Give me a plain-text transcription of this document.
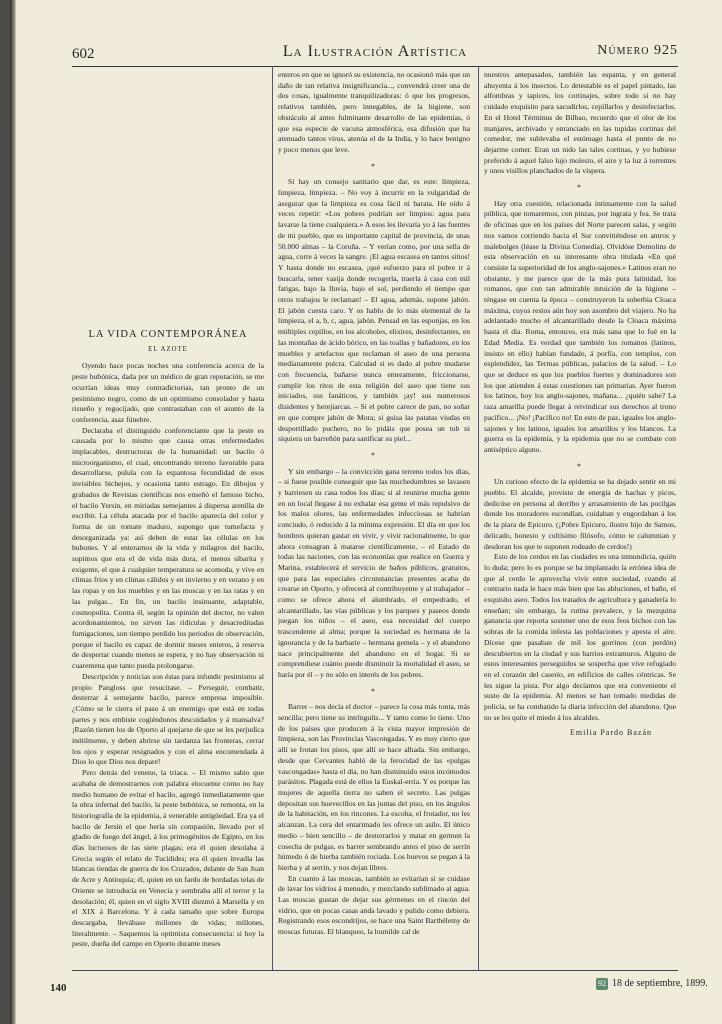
602	La Ilustración Artística	Número 925
LA VIDA CONTEMPORÁNEA
EL AZOTE

Oyendo hace pocas noches una conferencia acerca de la peste bubónica, dada por un médico de gran reputación, se me ocurrían ideas muy contradictorias, tan pronto de un pesimismo negro, como de un optimismo consolador y hasta risueño y regocijado, que contrastaban con el asunto de la conferencia, asaz fúnebre.

Declaraba el distinguido conferenciante que la peste es causada por lo mismo que causa otras enfermedades implacables, destructoras de la humanidad: un bacilo ó microorganismo, el cual, encontrando terreno favorable para desarrollarse, pulula con la espantosa fecundidad de esos invisibles bichejos, y ocasiona tanto estrago. En dibujos y grabados de Revistas científicas nos enseñó el famoso bicho, el bacilo Yersin, en miriadas semejantes á dispersa arenilla de escribir. La célula atacada por el bacilo aparecía del color y forma de un tomate maduro, supongo que tumefacta y desorganizada ya: así deben de estar las células en los bubones. Y al enterarnos de la vida y milagros del bacilo, supimos que era el de vida más dura, el menos sibarita y exigente, el que á cualquier temperatura se acomoda, y vive en climas fríos y en climas cálidos y en invierno y en verano y en las ropas y en los muebles y en las moscas y en las ratas y en las pulgas... En fin, un bacilo insinuante, adaptable, cosmopolita. Contra él, según la opinión del doctor, no valen acordonamientos, no sirven las ridículas y desacreditadas fumigaciones, son tiempo perdido los periodos de observación, porque el bacilo es capaz de dormir meses enteros, á reserva de despertar cuando menos se espera, y no hay observación ni cuarentena que tanto pueda prolongarse.

Descripción y noticias son éstas para infundir pesimismo al propio Pangloss que resucitase. – Perseguir, combatir, desterrar á semejante bacilo, parece empresa imposible. ¿Cómo se le cierra el paso á un enemigo que está en todas partes y nos embiste cogiéndonos descuidados y á mansalva? ¡Razón tienen los de Oporto al quejarse de que se les perjudica inútilmente, y deben abrirse sin tardanza las fronteras, cerrar los ojos y esperar resignados y con el alma encomendada á Dios lo que Dios nos depare!

Pero detrás del veneno, la triaca. – El mismo sabio que acababa de demostrarnos con palabra elocuente como no hay medio humano de evitar el bacilo, agregó inmediatamente que la obra infernal del bacilo, la peste bubónica, se remonta, en la historiografía de la epidemia, á venerable antigüedad. Era ya el bacilo de Jersín el que hería sin compasión, llevado por el gladio de fuego del ángel, á los primogénitos de Egipto, en los días luctuosos de las siete plagas; era él quien desolaba á Grecia según el relato de Tucídides; era él quien invadía las blancas tiendas de guerra de los Cruzados, delante de San Juan de Acre y Antioquía; él, quien en un fardo de bordadas telas de Oriente se introducía en Venecia y sembraba allí el terror y la desolación; él, quien en el siglo XVIII diezmó á Marsella y en el XIX á Barcelona. Y á cada tamaño que sobre Europa descargaba, llevábase millones de vidas; millones, literalmente. – Saquemos la optimista consecuencia: si hoy la peste, dueña del campo en Oporto durante meses

enteros en que se ignoró su existencia, no ocasionó más que un daño de tan relativa insignificancia..., convendrá creer una de dos cosas, igualmente tranquilizadoras: ó que los progresos, relativos también, pero innegables, de la higiene, son obstáculo al antes fulminante desarrollo de las epidemias, ó que esa especie de vacuna atmosférica, esa difusión que ha atenuado tantos virus, atenúa el de la India, y lo hace benigno y poco menos que leve.

*

Si hay un consejo sanitario que dar, es este: limpieza, limpieza, limpieza. – No voy á incurrir en la vulgaridad de asegurar que la limpieza es cosa fácil ni barata. He oído á veces repetir: «Los pobres podrían ser limpios: agua para lavarse la tiene cualquiera.» A esos les llevaría yo á las fuentes de mi pueblo, que es importante capital de provincia, de unas 50.000 almas – la Coruña. – Y verían como, por una sella de agua, corre á veces la sangre. ¡El agua escasea en tantos sitios! Y hasta donde no escasea, ¡qué esfuerzo para el pobre ir á buscarla, tener vasija donde recogerla, traerla á casa con mil fatigas, bajo la lluvia, bajo el sol, perdiendo el tiempo que otros trabajos le reclaman! – El agua, además, supone jabón. El jabón cuesta caro. Y os hablo de lo más elemental de la limpieza, el a, b, c, agua, jabón. Pensad en las esponjas, en los múltiples cepillos, en los alcoholes, elixires, desinfectantes, en las montañas de ácido bórico, en las toallas y bañadores, en los muebles y artefactos que reclaman el aseo de una persona medianamente pulcra. Calculad si es dado al pobre mudarse con frecuencia, bañarse nunca enteramente, friccionarse, cumplir los ritos de esta religión del aseo que tiene sus iniciados, sus fanáticos, y también ¡ay! sus numerosos disidentes y herejiarcas. – Si el pobre carece de pan, no soñar en que compre jabón de Mora; si guisa las patatas viudas en desportillado puchero, no lo pidáis que posea un tub ni siquiera un barreñón para sanificar su piel...

*

Y sin embargo – la convicción gana terreno todos los días, – si fuese posible conseguir que las muchedumbres se lavasen y barriesen su casa todos los días; si al reunirse mucha gente en un local llegase á no exhalar esa gente el más repulsivo de los malos olores, las enfermedades infecciosas se habrían conciudo, ó reducido á la mínima expresión. El día en que los hombres quieran gastar en vivir, y vivir racionalmente, lo que ahora consagran á matarse científicamente, – el Estado de todas las naciones, con las economías que realice en Guerra y Marina, establecerá el servicio de baños públicos, gratuitos, que para las especiales circunstancias presentes acaba de crearse en Oporto, y ofrecerá al contribuyente y al trabajador – como se ofrece ahora el alumbrado, el empedrado, el alcantarillado, las vías públicas y los parques y paseos donde juegan los niños – el aseo, esa necesidad del cuerpo trascendente al alma; porque la suciedad es hermana de la ignorancia y de la barbarie – hermana gemela – y el abandono nace principalmente del abandono en el hogar. Si se comprendiese cuánto puede disminuir la mortalidad el aseo, se haría por él – y no sólo en interés de los pobres.

*

Barrer – nos decía el doctor – parece la cosa más tonta, más sencilla; pero tiene su intríngulis... Y tanto como lo tiene. Uno de los países que producen á la vista mayor impresión de limpieza, son las Provincias Vascongadas. Y es muy cierto que allí se frotan los pisos, que allí se hace alhada. Sin embargo, desde que Cervantes habló de la ferocidad de las «pulgas vascongadas» hasta el día, no han disminuido estos incómodos parásitos. Plagada está de ellos la Euskal-erria. Y es porque las mujeres de aquella tierra no saben el secreto. Las pulgas depositan sus huevecillos en las juntas del piso, en los ángulos de la habitación, en los rincones. La escoba, el frotador, no les alcanzan. La cera del entarimado les ofrece un asilo. El único medio – bien sencillo – de desterrarlos y matar en germen la cosecha de pulgas, es barrer sembrando antes el piso de serrín húmedo ó de hierba también rociada. Los huevos se pegan á la hierba y al serrín, y nos dejan libres.

En cuanto á las moscas, también se evitarían si se cuidase de lavar los vidrios á menudo, y mezclando sublimado al agua. Las moscas gustan de dejar sus gérmenes en el rincón del vidrio, que en pocas casas anda lavado y pulido como debiera. Registrando esos escondrijos, se hace una Saint Barthélemy de moscas futuras. El blanqueo, la humilde cal de

nuestros antepasados, también las espanta, y en general ahuyenta á los insectos. Lo detestable es el papel pintado, las alfombras y tapices, los cortinajes, sobre todo si no hay cuidado exquisito para sacudirlos, cepillarlos y desinfectarlos. En el Hotel Términus de Bilbao, recuerdo que el olor de los manjares, archivado y enranciado en las tupidas cortinas del comedor, me sublevaba el estómago hasta el punto de no dejarme comer. Eran un nido las tales cortinas, y yo hubiese preferido á aquel falso lujo molesto, el aire y la luz á torrentes y unos visillos planchados de la víspera.

*

Hay otra cuestión, relacionada íntimamente con la salud pública, que tomaremos, con pinzas, por ingrata y fea. Se trata de oficinas que en los países del Norte parecen salas, y según nos vamos corriendo hacia el Sur convitiéndose en antros y malebolges (léase la Divina Comedia). Olvidóse Demolins de esta observación en su interesante obra titulada «En qué consiste la superioridad de los anglo-sajones.» Latinos eran no obstante, y me parece que de la más pura latinidad, los romanos, que con tan admirable intuición de la higiene – téngase en cuenta la época – construyeron la soberbia Cloaca máxima, cuyos restos aún hoy son asombro del viajero. No ha adelantado mucho el alcantarillado desde la Cloaca máxima hasta el día. Roma, entonces, era más sana que lo fué en la Edad Media. Es verdad que también los romanos (latinos, insisto en ello) habían fundado, á porfía, con templos, con esplendidez, las Termas públicas, palacios de la salud. – Lo que se deduce es que los pueblos fuertes y dominadores son los que atienden á estas cuestiones tan primarias. Ayer fueron los latinos, hoy los anglo-sajones, mañana... ¿quién sabe? La raza amarilla puede llegar á reivindicar sus derechos al trono pacífico... ¡No! ¡Pacífico no! En esto de paz, iguales los anglo-sajones y los latinos, iguales los amarillos y los blancos. La guerra es la epidemia, y la epidemia que no se combate con antiséptico alguno.

*

Un curioso efecto de la epidemia se ha dejado sentir en mi pueblo. El alcalde, provisto de energía de hachas y picos, dedicóse en persona al derribo y arrasamiento de las pocilgas donde los moradores escondían, cuidaban y engordaban á los de la piara de Epicuro. (¡Pobre Epicuro, ilustre hijo de Samos, delicado, honesto y cultísimo filósofo, cómo te calumnian y desdoran los que te suponen rodeado de cerdos!)

Esto de los cerdos en las ciudades es una inmundicia, quién lo duda; pero lo es porque se ha implantado la errónea idea de que al cerdo le aprovecha vivir entre suciedad, cuando al contrario nada le hace más bien que las abluciones, el baño, el exquisito aseo. Todos los tratados de agricultura y ganadería lo enseñan; sin embargo, la rutina prevalece, y la mezquina ganancia que reporta sostener uno de esos feos bichos con las sobras de la comida infesta las poblaciones y apesta el aire. Dícese que pasaban de mil los gorrinos (con perdón) descubiertos en la ciudad y sus barrios extramuros. Alguno de estos interesantes perseguidos se sospecha que vive refugiado en el corazón del caserío, en edificios de calles céntricas. Se les sigue la pista. Por algo decíamos que era conveniente el susto de la epidemia. Al menos se han tomado medidas de policía, se ha combatido la diaria infección del abandono. Que no se les quite el miedo á los alcaldes.

Emilia Pardo Bazán
140	92 18 de septiembre, 1899.
